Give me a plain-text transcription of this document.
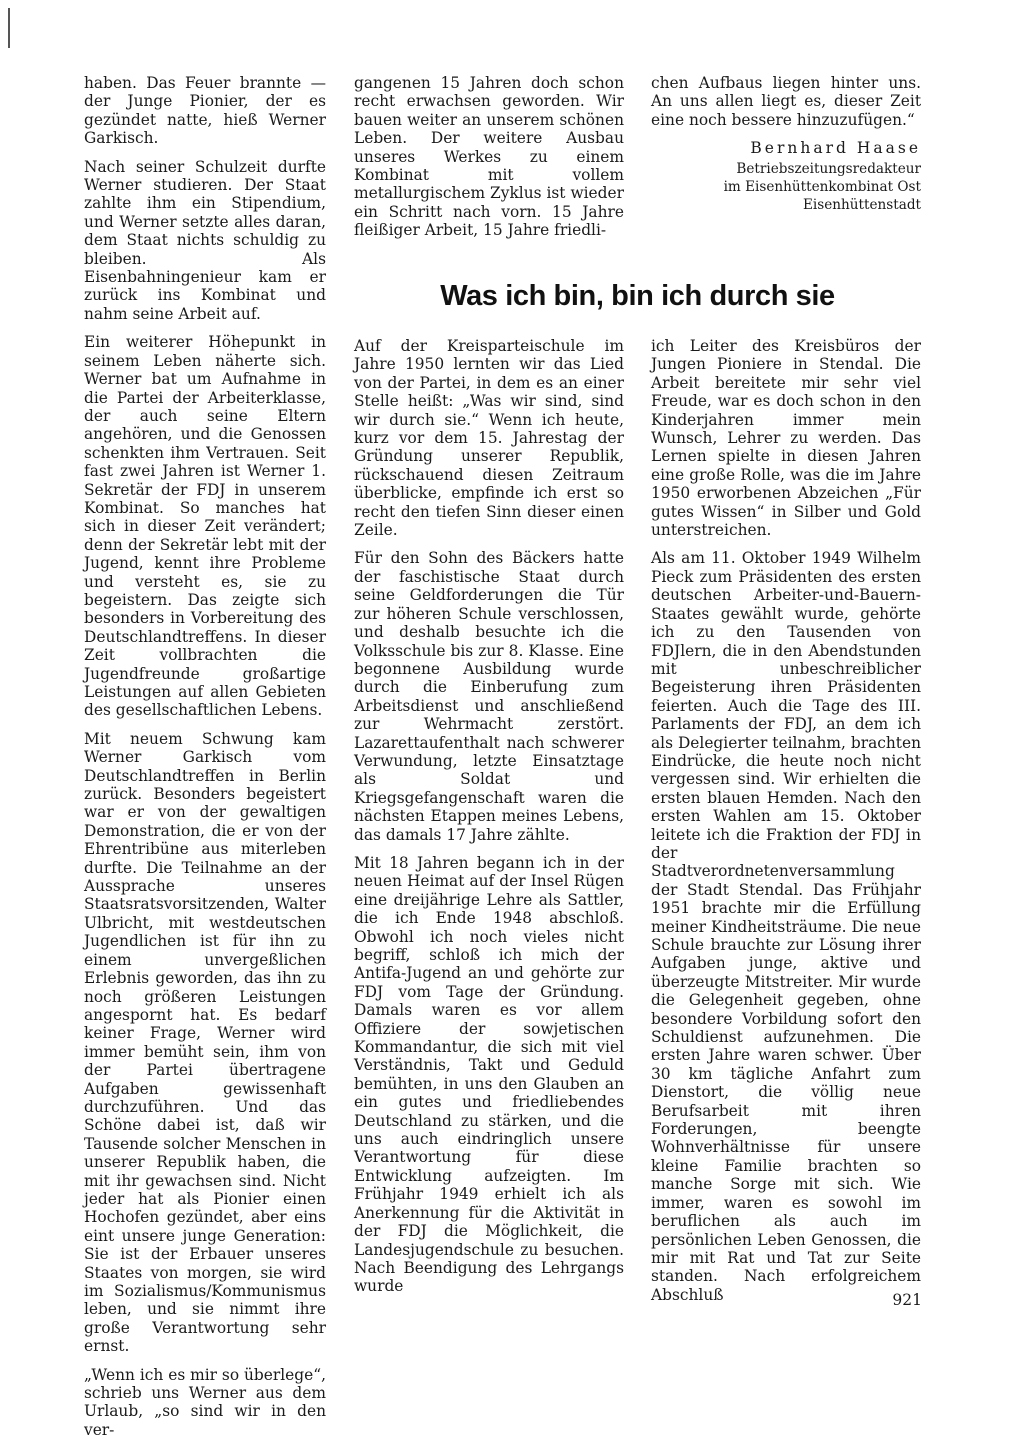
haben. Das Feuer brannte —der Junge Pionier, der es gezündet natte, hieß Werner Garkisch.

Nach seiner Schulzeit durfte Werner studieren. Der Staat zahlte ihm ein Stipendium, und Werner setzte alles daran, dem Staat nichts schuldig zu bleiben. Als Eisenbahningenieur kam er zurück ins Kombinat und nahm seine Arbeit auf.

Ein weiterer Höhepunkt in seinem Leben näherte sich. Werner bat um Aufnahme in die Partei der Arbeiterklasse, der auch seine Eltern angehören, und die Genossen schenkten ihm Vertrauen. Seit fast zwei Jahren ist Werner 1. Sekretär der FDJ in unserem Kombinat. So manches hat sich in dieser Zeit verändert; denn der Sekretär lebt mit der Jugend, kennt ihre Probleme und versteht es, sie zu begeistern. Das zeigte sich besonders in Vorbereitung des Deutschlandtreffens. In dieser Zeit vollbrachten die Jugendfreunde großartige Leistungen auf allen Gebieten des gesellschaftlichen Lebens.

Mit neuem Schwung kam Werner Garkisch vom Deutschlandtreffen in Berlin zurück. Besonders begeistert war er von der gewaltigen Demonstration, die er von der Ehrentribüne aus miterleben durfte. Die Teilnahme an der Aussprache unseres Staatsratsvorsitzenden, Walter Ulbricht, mit westdeutschen Jugendlichen ist für ihn zu einem unvergeßlichen Erlebnis geworden, das ihn zu noch größeren Leistungen angespornt hat. Es bedarf keiner Frage, Werner wird immer bemüht sein, ihm von der Partei übertragene Aufgaben gewissenhaft durchzuführen. Und das Schöne dabei ist, daß wir Tausende solcher Menschen in unserer Republik haben, die mit ihr gewachsen sind. Nicht jeder hat als Pionier einen Hochofen gezündet, aber eins eint unsere junge Generation: Sie ist der Erbauer unseres Staates von morgen, sie wird im Sozialismus/Kommunismus leben, und sie nimmt ihre große Verantwortung sehr ernst.

„Wenn ich es mir so überlege“, schrieb uns Werner aus dem Urlaub, „so sind wir in den ver-

gangenen 15 Jahren doch schon recht erwachsen geworden. Wir bauen weiter an unserem schönen Leben. Der weitere Ausbau unseres Werkes zu einem Kombinat mit vollem metallurgischem Zyklus ist wieder ein Schritt nach vorn. 15 Jahre fleißiger Arbeit, 15 Jahre friedli-

chen Aufbaus liegen hinter uns. An uns allen liegt es, dieser Zeit eine noch bessere hinzuzufügen.“

Bernhard Haase
Betriebszeitungsredakteur
im Eisenhüttenkombinat Ost
Eisenhüttenstadt
Was ich bin, bin ich durch sie

Auf der Kreisparteischule im Jahre 1950 lernten wir das Lied von der Partei, in dem es an einer Stelle heißt: „Was wir sind, sind wir durch sie.“ Wenn ich heute, kurz vor dem 15. Jahrestag der Gründung unserer Republik, rückschauend diesen Zeitraum überblicke, empfinde ich erst so recht den tiefen Sinn dieser einen Zeile.

Für den Sohn des Bäckers hatte der faschistische Staat durch seine Geldforderungen die Tür zur höheren Schule verschlossen, und deshalb besuchte ich die Volksschule bis zur 8. Klasse. Eine begonnene Ausbildung wurde durch die Einberufung zum Arbeitsdienst und anschließend zur Wehrmacht zerstört. Lazarettaufenthalt nach schwerer Verwundung, letzte Einsatztage als Soldat und Kriegsgefangenschaft waren die nächsten Etappen meines Lebens, das damals 17 Jahre zählte.

Mit 18 Jahren begann ich in der neuen Heimat auf der Insel Rügen eine dreijährige Lehre als Sattler, die ich Ende 1948 abschloß. Obwohl ich noch vieles nicht begriff, schloß ich mich der Antifa-Jugend an und gehörte zur FDJ vom Tage der Gründung. Damals waren es vor allem Offiziere der sowjetischen Kommandantur, die sich mit viel Verständnis, Takt und Geduld bemühten, in uns den Glauben an ein gutes und friedliebendes Deutschland zu stärken, und die uns auch eindringlich unsere Verantwortung für diese Entwicklung aufzeigten. Im Frühjahr 1949 erhielt ich als Anerkennung für die Aktivität in der FDJ die Möglichkeit, die Landesjugendschule zu besuchen. Nach Beendigung des Lehrgangs wurde

ich Leiter des Kreisbüros der Jungen Pioniere in Stendal. Die Arbeit bereitete mir sehr viel Freude, war es doch schon in den Kinderjahren immer mein Wunsch, Lehrer zu werden. Das Lernen spielte in diesen Jahren eine große Rolle, was die im Jahre 1950 erworbenen Abzeichen „Für gutes Wissen“ in Silber und Gold unterstreichen.

Als am 11. Oktober 1949 Wilhelm Pieck zum Präsidenten des ersten deutschen Arbeiter-und-Bauern-Staates gewählt wurde, gehörte ich zu den Tausenden von FDJlern, die in den Abendstunden mit unbeschreiblicher Begeisterung ihren Präsidenten feierten. Auch die Tage des III. Parlaments der FDJ, an dem ich als Delegierter teilnahm, brachten Eindrücke, die heute noch nicht vergessen sind. Wir erhielten die ersten blauen Hemden. Nach den ersten Wahlen am 15. Oktober leitete ich die Fraktion der FDJ in der Stadtverordnetenversammlung der Stadt Stendal. Das Frühjahr 1951 brachte mir die Erfüllung meiner Kindheitsträume. Die neue Schule brauchte zur Lösung ihrer Aufgaben junge, aktive und überzeugte Mitstreiter. Mir wurde die Gelegenheit gegeben, ohne besondere Vorbildung sofort den Schuldienst aufzunehmen. Die ersten Jahre waren schwer. Über 30 km tägliche Anfahrt zum Dienstort, die völlig neue Berufsarbeit mit ihren Forderungen, beengte Wohnverhältnisse für unsere kleine Familie brachten so manche Sorge mit sich. Wie immer, waren es sowohl im beruflichen als auch im persönlichen Leben Genossen, die mir mit Rat und Tat zur Seite standen. Nach erfolgreichem Abschluß	921
